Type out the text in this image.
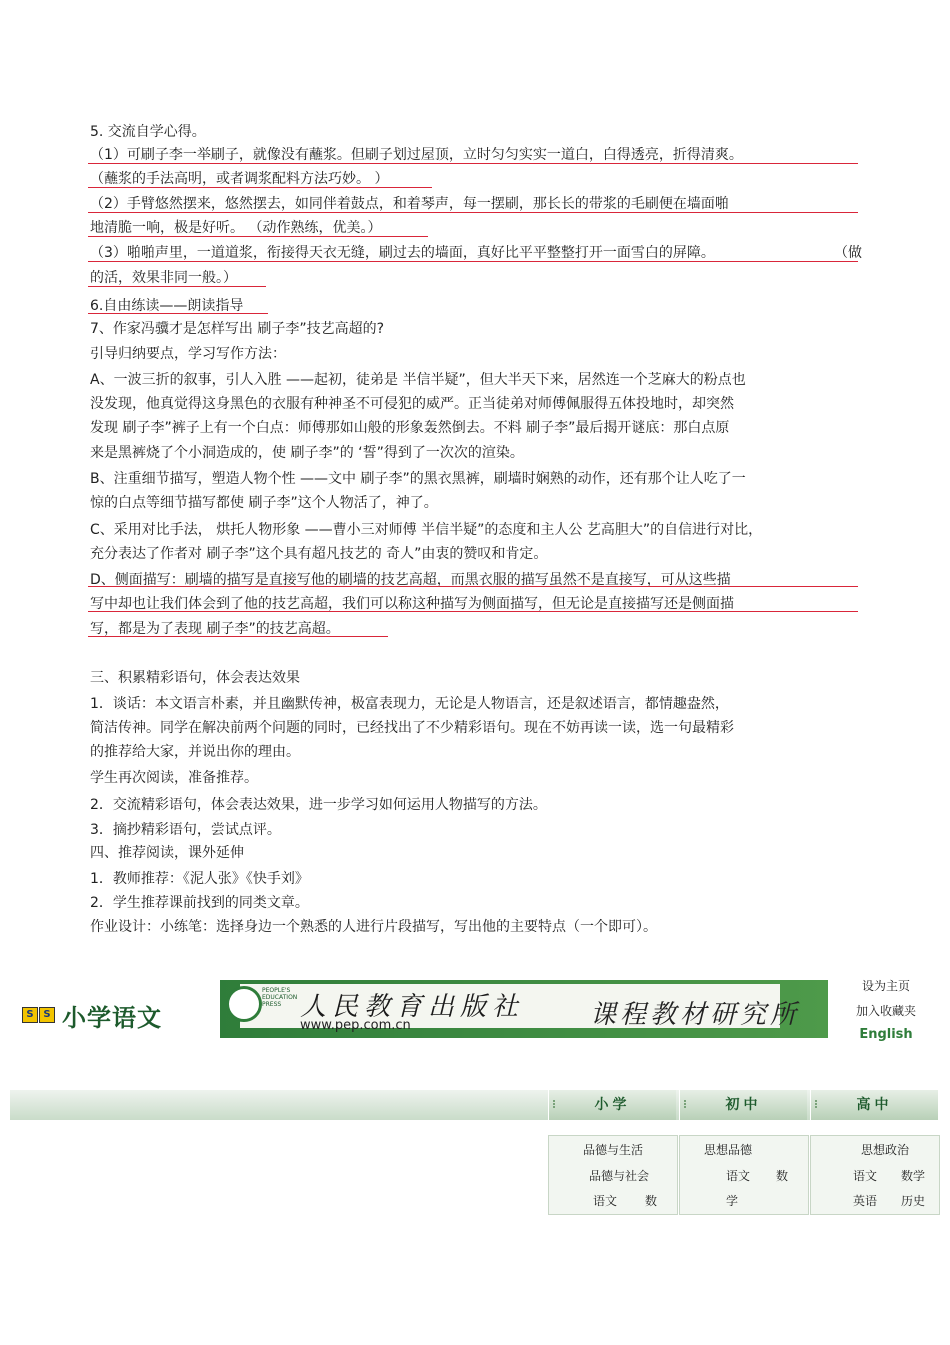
5. 交流自学心得。
（1）可刷子李一举刷子，就像没有蘸浆。但刷子划过屋顶，立时匀匀实实一道白，白得透亮，折得清爽。
（蘸浆的手法高明，或者调浆配料方法巧妙。 ）
（2）手臂悠然摆来，悠然摆去，如同伴着鼓点，和着琴声，每一摆刷，那长长的带浆的毛刷便在墙面啪
地清脆一响，极是好听。 （动作熟练，优美。）
（3）啪啪声里，一道道浆，衔接得天衣无缝，刷过去的墙面，真好比平平整整打开一面雪白的屏障。	（做
的活，效果非同一般。）
6.自由练读——朗读指导
7、作家冯骥才是怎样写出 刷子李”技艺高超的?
引导归纳要点，学习写作方法：
A、一波三折的叙事，引人入胜 ——起初，徒弟是 半信半疑”，但大半天下来，居然连一个芝麻大的粉点也
没发现，他真觉得这身黑色的衣服有种神圣不可侵犯的威严。正当徒弟对师傅佩服得五体投地时，却突然
发现 刷子李”裤子上有一个白点：师傅那如山般的形象轰然倒去。不料 刷子李”最后揭开谜底：那白点原
来是黑裤烧了个小洞造成的，使 刷子李”的 ‘誓”得到了一次次的渲染。
B、注重细节描写，塑造人物个性 ——文中 刷子李”的黑衣黑裤，刷墙时娴熟的动作，还有那个让人吃了一
惊的白点等细节描写都使 刷子李”这个人物活了，神了。
C、采用对比手法， 烘托人物形象 ——曹小三对师傅 半信半疑”的态度和主人公 艺高胆大”的自信进行对比，
充分表达了作者对 刷子李”这个具有超凡技艺的 奇人”由衷的赞叹和肯定。
D、侧面描写：刷墙的描写是直接写他的刷墙的技艺高超，而黑衣服的描写虽然不是直接写，可从这些描
写中却也让我们体会到了他的技艺高超，我们可以称这种描写为侧面描写，但无论是直接描写还是侧面描
写，都是为了表现 刷子李”的技艺高超。
三、积累精彩语句，体会表达效果
1．谈话：本文语言朴素，并且幽默传神，极富表现力，无论是人物语言，还是叙述语言，都情趣盎然，
简洁传神。同学在解决前两个问题的同时，已经找出了不少精彩语句。现在不妨再读一读，选一句最精彩
的推荐给大家，并说出你的理由。
学生再次阅读，准备推荐。
2．交流精彩语句，体会表达效果，进一步学习如何运用人物描写的方法。
3．摘抄精彩语句，尝试点评。
四、推荐阅读，课外延伸
1．教师推荐：《泥人张》《快手刘》
2．学生推荐课前找到的同类文章。
作业设计：小练笔：选择身边一个熟悉的人进行片段描写，写出他的主要特点（一个即可）。
S S 小学语文
PEOPLE'S
EDUCATION
PRESS 人民教育出版社
www.pep.com.cn	课程教材研究所
设为主页
加入收藏夹
English
小学	初中	高中
品德与生活
品德与社会
语文 数
思想品德
语文 数
学
思想政治
语文 数学
英语 历史
